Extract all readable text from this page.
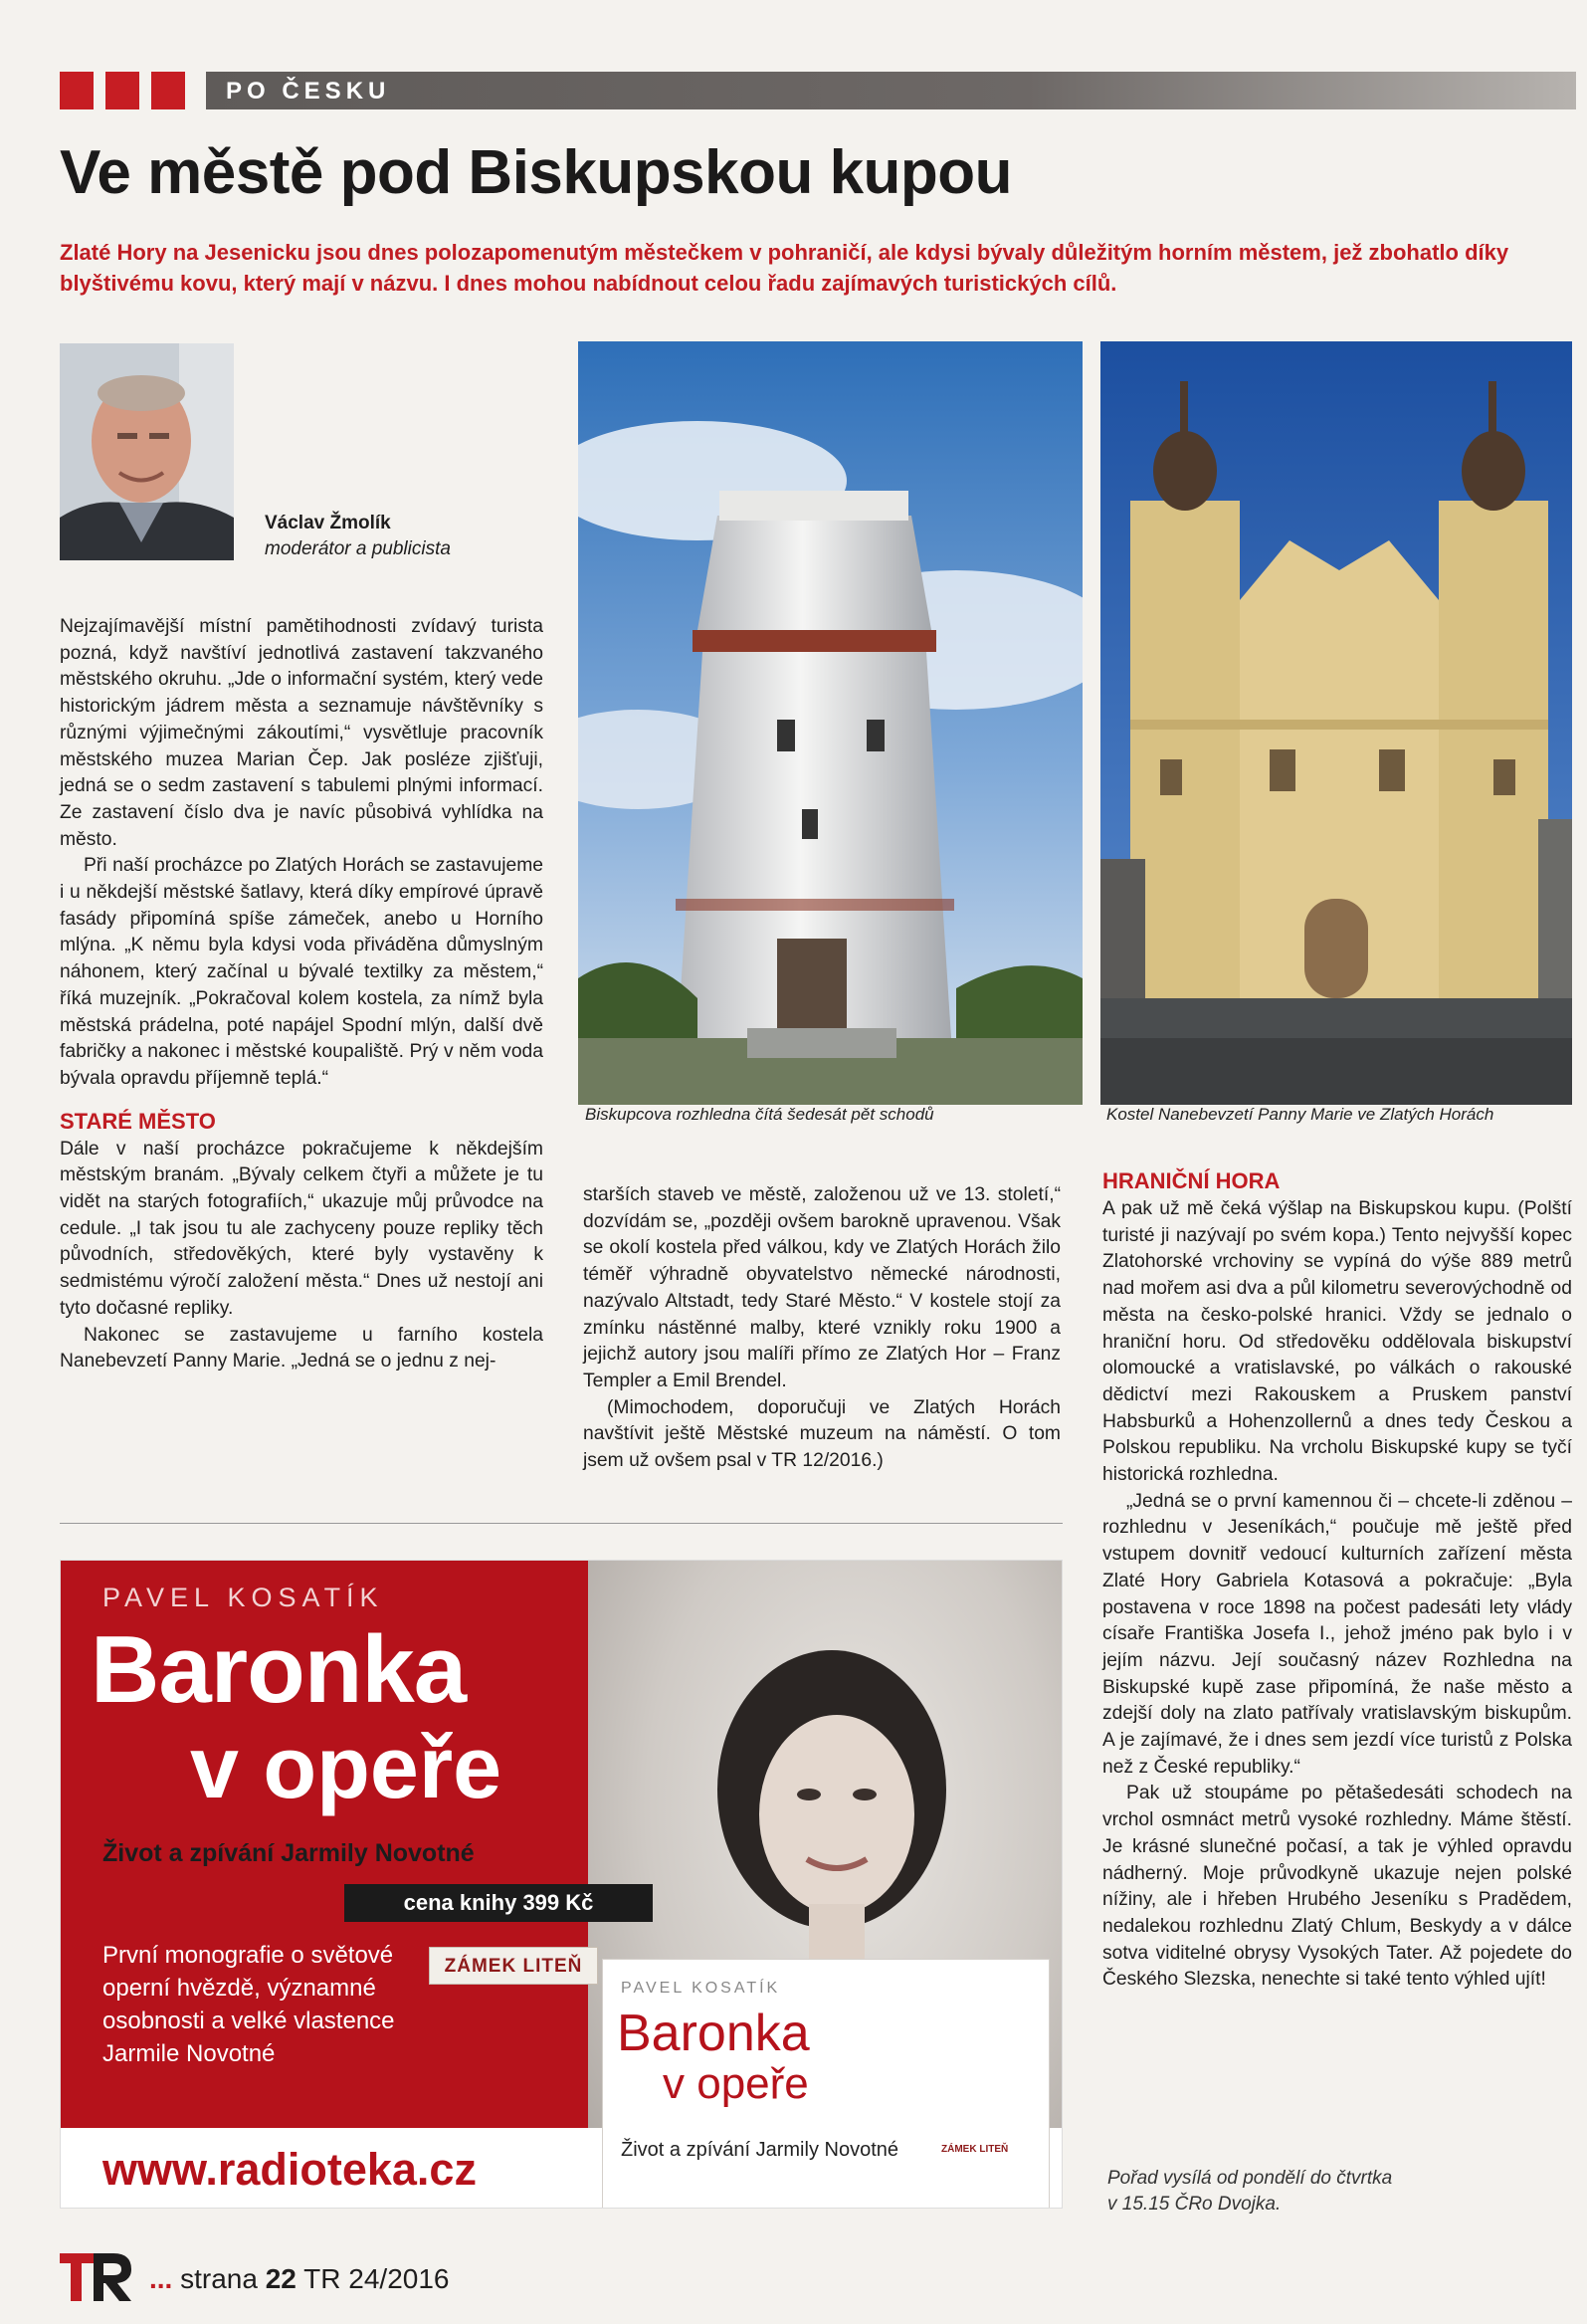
PO ČESKU
Ve městě pod Biskupskou kupou

Zlaté Hory na Jesenicku jsou dnes polozapomenutým městečkem v pohraničí, ale kdysi bývaly důležitým horním městem, jež zbohatlo díky blyštivému kovu, který mají v názvu. I dnes mohou nabídnout celou řadu zajímavých turistických cílů.

Václav Žmolík
moderátor a publicista
Biskupcova rozhledna čítá šedesát pět schodů	Kostel Nanebevzetí Panny Marie ve Zlatých Horách

Nejzajímavější místní pamětihodnosti zvídavý turista pozná, když navštíví jednotlivá zastavení takzvaného městského okruhu. „Jde o informační systém, který vede historickým jádrem města a seznamuje návštěvníky s různými výjimečnými zákoutími,“ vysvětluje pracovník městského muzea Marian Čep. Jak posléze zjišťuji, jedná se o sedm zastavení s tabulemi plnými informací. Ze zastavení číslo dva je navíc působivá vyhlídka na město.

Při naší procházce po Zlatých Horách se zastavujeme i u někdejší městské šatlavy, která díky empírové úpravě fasády připomíná spíše zámeček, anebo u Horního mlýna. „K němu byla kdysi voda přiváděna důmyslným náhonem, který začínal u bývalé textilky za městem,“ říká muzejník. „Pokračoval kolem kostela, za nímž byla městská prádelna, poté napájel Spodní mlýn, další dvě fabričky a nakonec i městské koupaliště. Prý v něm voda bývala opravdu příjemně teplá.“

STARÉ MĚSTO

Dále v naší procházce pokračujeme k někdejším městským branám. „Bývaly celkem čtyři a můžete je tu vidět na starých fotografiích,“ ukazuje můj průvodce na cedule. „I tak jsou tu ale zachyceny pouze repliky těch původních, středověkých, které byly vystavěny k sedmistému výročí založení města.“ Dnes už nestojí ani tyto dočasné repliky.

Nakonec se zastavujeme u farního kostela Nanebevzetí Panny Marie. „Jedná se o jednu z nej-

starších staveb ve městě, založenou už ve 13. století,“ dozvídám se, „později ovšem barokně upravenou. Však se okolí kostela před válkou, kdy ve Zlatých Horách žilo téměř výhradně obyvatelstvo německé národnosti, nazývalo Altstadt, tedy Staré Město.“ V kostele stojí za zmínku nástěnné malby, které vznikly roku 1900 a jejichž autory jsou malíři přímo ze Zlatých Hor – Franz Templer a Emil Brendel.

(Mimochodem, doporučuji ve Zlatých Horách navštívit ještě Městské muzeum na náměstí. O tom jsem už ovšem psal v TR 12/2016.)

HRANIČNÍ HORA

A pak už mě čeká výšlap na Biskupskou kupu. (Polští turisté ji nazývají po svém kopa.) Tento nejvyšší kopec Zlatohorské vrchoviny se vypíná do výše 889 metrů nad mořem asi dva a půl kilometru severovýchodně od města na česko-polské hranici. Vždy se jednalo o hraniční horu. Od středověku oddělovala biskupství olomoucké a vratislavské, po válkách o rakouské dědictví mezi Rakouskem a Pruskem panství Habsburků a Hohenzollernů a dnes tedy Českou a Polskou republiku. Na vrcholu Biskupské kupy se tyčí historická rozhledna.

„Jedná se o první kamennou či – chcete-li zděnou – rozhlednu v Jeseníkách,“ poučuje mě ještě před vstupem dovnitř vedoucí kulturních zařízení města Zlaté Hory Gabriela Kotasová a pokračuje: „Byla postavena v roce 1898 na počest padesáti lety vlády císaře Františka Josefa I., jehož jméno pak bylo i v jejím názvu. Její současný název Rozhledna na Biskupské kupě zase připomíná, že naše město a zdejší doly na zlato patřívaly vratislavským biskupům. A je zajímavé, že i dnes sem jezdí více turistů z Polska než z České republiky.“

Pak už stoupáme po pětašedesáti schodech na vrchol osmnáct metrů vysoké rozhledny. Máme štěstí. Je krásné slunečné počasí, a tak je výhled opravdu nádherný. Moje průvodkyně ukazuje nejen polské nížiny, ale i hřeben Hrubého Jeseníku s Pradědem, nedalekou rozhlednu Zlatý Chlum, Beskydy a v dálce sotva viditelné obrysy Vysokých Tater. Až pojedete do Českého Slezska, nenechte si také tento výhled ujít!

Pořad vysílá od pondělí do čtvrtka
v 15.15 ČRo Dvojka.
PAVEL KOSATÍK
Baronka
v opeře
Život a zpívání Jarmily Novotné
cena knihy 399 Kč
První monografie o světové operní hvězdě, významné osobnosti a velké vlastence Jarmile Novotné
ZÁMEK LITEŇ
www.radioteka.cz
PAVEL KOSATÍK
Baronka
v opeře
Život a zpívání Jarmily Novotné	ZÁMEK LITEŇ
... strana 22 TR 24/2016
